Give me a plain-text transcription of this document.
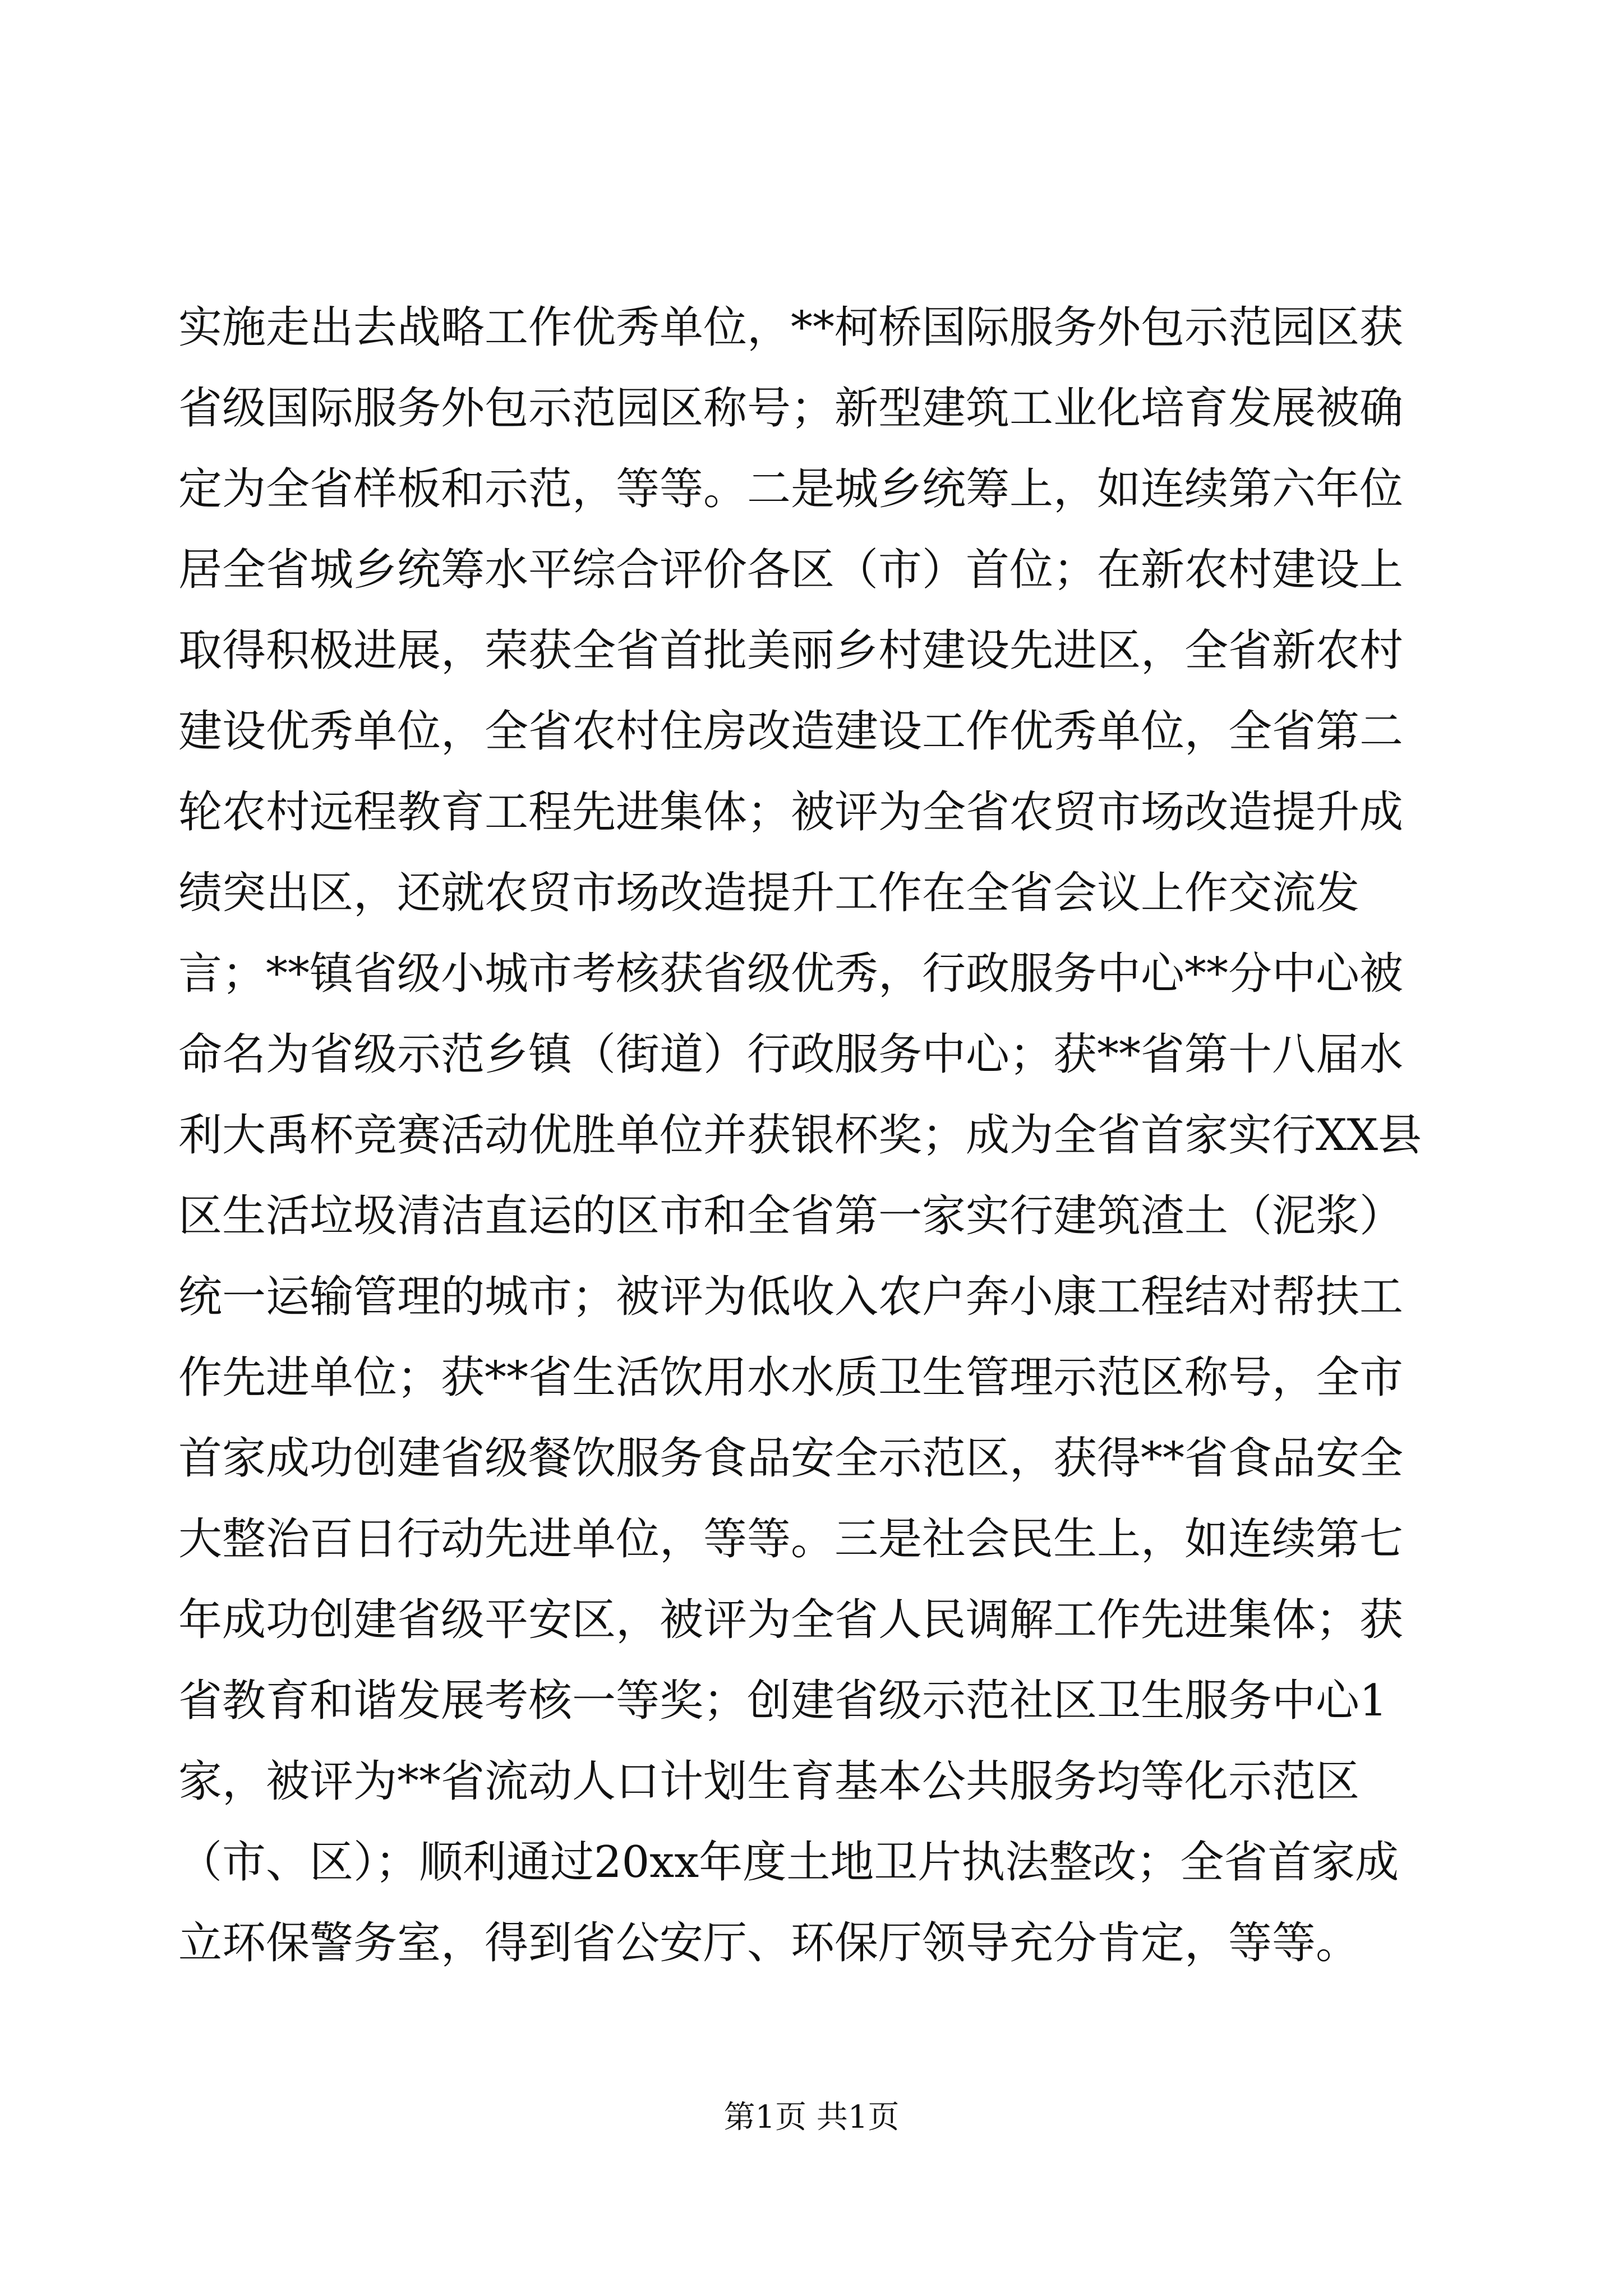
实施走出去战略工作优秀单位，**柯桥国际服务外包示范园区获
省级国际服务外包示范园区称号；新型建筑工业化培育发展被确
定为全省样板和示范，等等。二是城乡统筹上，如连续第六年位
居全省城乡统筹水平综合评价各区（市）首位；在新农村建设上
取得积极进展，荣获全省首批美丽乡村建设先进区，全省新农村
建设优秀单位，全省农村住房改造建设工作优秀单位，全省第二
轮农村远程教育工程先进集体；被评为全省农贸市场改造提升成
绩突出区，还就农贸市场改造提升工作在全省会议上作交流发
言；**镇省级小城市考核获省级优秀，行政服务中心**分中心被
命名为省级示范乡镇（街道）行政服务中心；获**省第十八届水
利大禹杯竞赛活动优胜单位并获银杯奖；成为全省首家实行XX县
区生活垃圾清洁直运的区市和全省第一家实行建筑渣土（泥浆）
统一运输管理的城市；被评为低收入农户奔小康工程结对帮扶工
作先进单位；获**省生活饮用水水质卫生管理示范区称号，全市
首家成功创建省级餐饮服务食品安全示范区，获得**省食品安全
大整治百日行动先进单位，等等。三是社会民生上，如连续第七
年成功创建省级平安区，被评为全省人民调解工作先进集体；获
省教育和谐发展考核一等奖；创建省级示范社区卫生服务中心1
家，被评为**省流动人口计划生育基本公共服务均等化示范区
（市、区）；顺利通过20xx年度土地卫片执法整改；全省首家成
立环保警务室，得到省公安厅、环保厅领导充分肯定，等等。
第1页 共1页
